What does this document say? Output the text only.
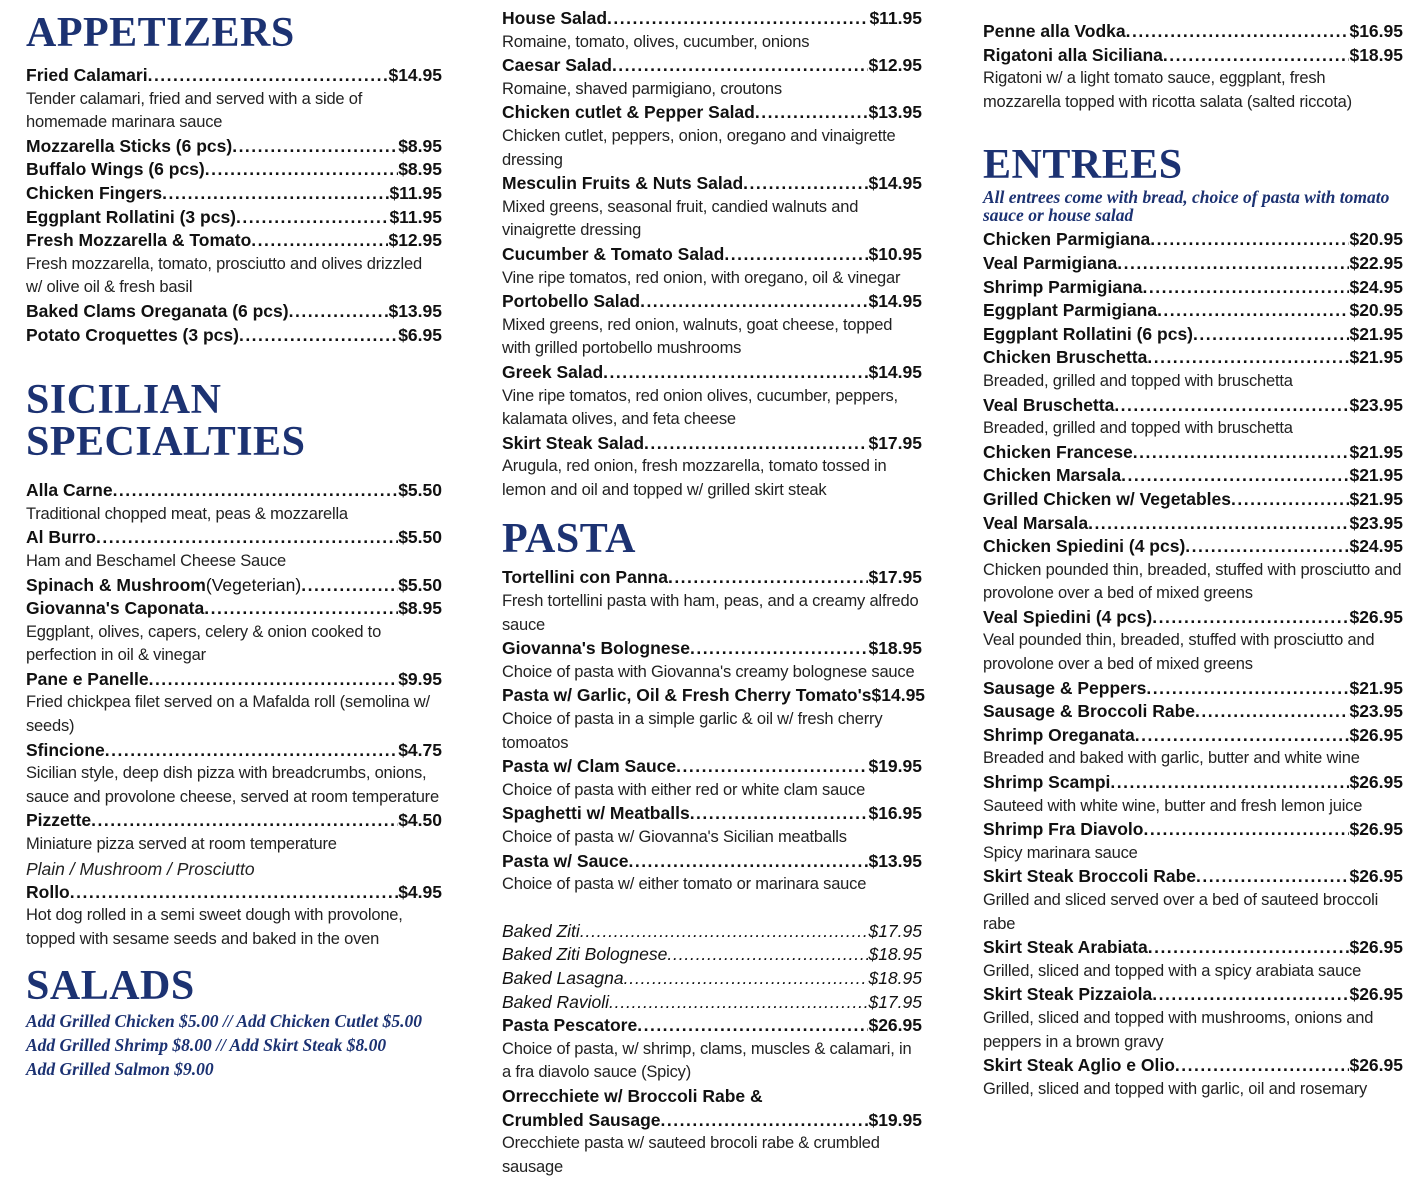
APPETIZERS
Fried Calamari .....	$14.95
Tender calamari, fried and served with a side of homemade marinara sauce
Mozzarella Sticks (6 pcs) .....	$8.95
Buffalo Wings (6 pcs) .....	$8.95
Chicken Fingers .....	$11.95
Eggplant Rollatini (3 pcs) .....	$11.95
Fresh Mozzarella & Tomato .....	$12.95
Fresh mozzarella, tomato, prosciutto and olives drizzled w/ olive oil & fresh basil
Baked Clams Oreganata (6 pcs) .....	$13.95
Potato Croquettes (3 pcs) .....	$6.95
SICILIAN
SPECIALTIES
Alla Carne .....	$5.50
Traditional chopped meat, peas & mozzarella
Al Burro .....	$5.50
Ham and Beschamel Cheese Sauce
Spinach & Mushroom (Vegeterian) .....	$5.50
Giovanna's Caponata .....	$8.95
Eggplant, olives, capers, celery & onion cooked to perfection in oil & vinegar
Pane e Panelle .....	$9.95
Fried chickpea filet served on a Mafalda roll (semolina w/ seeds)
Sfincione .....	$4.75
Sicilian style, deep dish pizza with breadcrumbs, onions, sauce and provolone cheese, served at room temperature
Pizzette .....	$4.50
Miniature pizza served at room temperature
Plain / Mushroom / Prosciutto
Rollo .....	$4.95
Hot dog rolled in a semi sweet dough with provolone, topped with sesame seeds and baked in the oven
SALADS
Add Grilled Chicken $5.00 // Add Chicken Cutlet $5.00
Add Grilled Shrimp $8.00 // Add Skirt Steak $8.00
Add Grilled Salmon $9.00
House Salad .....	$11.95
Romaine, tomato, olives, cucumber, onions
Caesar Salad .....	$12.95
Romaine, shaved parmigiano, croutons
Chicken cutlet & Pepper Salad .....	$13.95
Chicken cutlet, peppers, onion, oregano and vinaigrette dressing
Mesculin Fruits & Nuts Salad .....	$14.95
Mixed greens, seasonal fruit, candied walnuts and vinaigrette dressing
Cucumber & Tomato Salad .....	$10.95
Vine ripe tomatos, red onion, with oregano, oil & vinegar
Portobello Salad .....	$14.95
Mixed greens, red onion, walnuts, goat cheese, topped with grilled portobello mushrooms
Greek Salad .....	$14.95
Vine ripe tomatos, red onion olives, cucumber, peppers, kalamata olives, and feta cheese
Skirt Steak Salad .....	$17.95
Arugula, red onion, fresh mozzarella, tomato tossed in lemon and oil and topped w/ grilled skirt steak
PASTA
Tortellini con Panna .....	$17.95
Fresh tortellini pasta with ham, peas, and a creamy alfredo sauce
Giovanna's Bolognese .....	$18.95
Choice of pasta with Giovanna's creamy bolognese sauce
Pasta w/ Garlic, Oil & Fresh Cherry Tomato's $14.95
Choice of pasta in a simple garlic & oil w/ fresh cherry tomoatos
Pasta w/ Clam Sauce .....	$19.95
Choice of pasta with either red or white clam sauce
Spaghetti w/ Meatballs .....	$16.95
Choice of pasta w/ Giovanna's Sicilian meatballs
Pasta w/ Sauce .....	$13.95
Choice of pasta w/ either tomato or marinara sauce
Baked Ziti .....	$17.95
Baked Ziti Bolognese .....	$18.95
Baked Lasagna .....	$18.95
Baked Ravioli .....	$17.95
Pasta Pescatore .....	$26.95
Choice of pasta, w/ shrimp, clams, muscles & calamari, in a fra diavolo sauce (Spicy)
Orrecchiete w/ Broccoli Rabe &
Crumbled Sausage .....	$19.95
Orecchiete pasta w/ sauteed brocoli rabe & crumbled sausage
Penne alla Vodka .....	$16.95
Rigatoni alla Siciliana .....	$18.95
Rigatoni w/ a light tomato sauce, eggplant, fresh mozzarella topped with ricotta salata (salted riccota)
ENTREES
All entrees come with bread, choice of pasta with tomato sauce or house salad
Chicken Parmigiana .....	$20.95
Veal Parmigiana .....	$22.95
Shrimp Parmigiana .....	$24.95
Eggplant Parmigiana .....	$20.95
Eggplant Rollatini (6 pcs) .....	$21.95
Chicken Bruschetta .....	$21.95
Breaded, grilled and topped with bruschetta
Veal Bruschetta .....	$23.95
Breaded, grilled and topped with bruschetta
Chicken Francese .....	$21.95
Chicken Marsala .....	$21.95
Grilled Chicken w/ Vegetables .....	$21.95
Veal Marsala .....	$23.95
Chicken Spiedini (4 pcs) .....	$24.95
Chicken pounded thin, breaded, stuffed with prosciutto and provolone over a bed of mixed greens
Veal Spiedini (4 pcs) .....	$26.95
Veal pounded thin, breaded, stuffed with prosciutto and provolone over a bed of mixed greens
Sausage & Peppers .....	$21.95
Sausage & Broccoli Rabe .....	$23.95
Shrimp Oreganata .....	$26.95
Breaded and baked with garlic, butter and white wine
Shrimp Scampi .....	$26.95
Sauteed with white wine, butter and fresh lemon juice
Shrimp Fra Diavolo .....	$26.95
Spicy marinara sauce
Skirt Steak Broccoli Rabe .....	$26.95
Grilled and sliced served over a bed of sauteed broccoli rabe
Skirt Steak Arabiata .....	$26.95
Grilled, sliced and topped with a spicy arabiata sauce
Skirt Steak Pizzaiola .....	$26.95
Grilled, sliced and topped with mushrooms, onions and peppers in a brown gravy
Skirt Steak Aglio e Olio .....	$26.95
Grilled, sliced and topped with garlic, oil and rosemary
